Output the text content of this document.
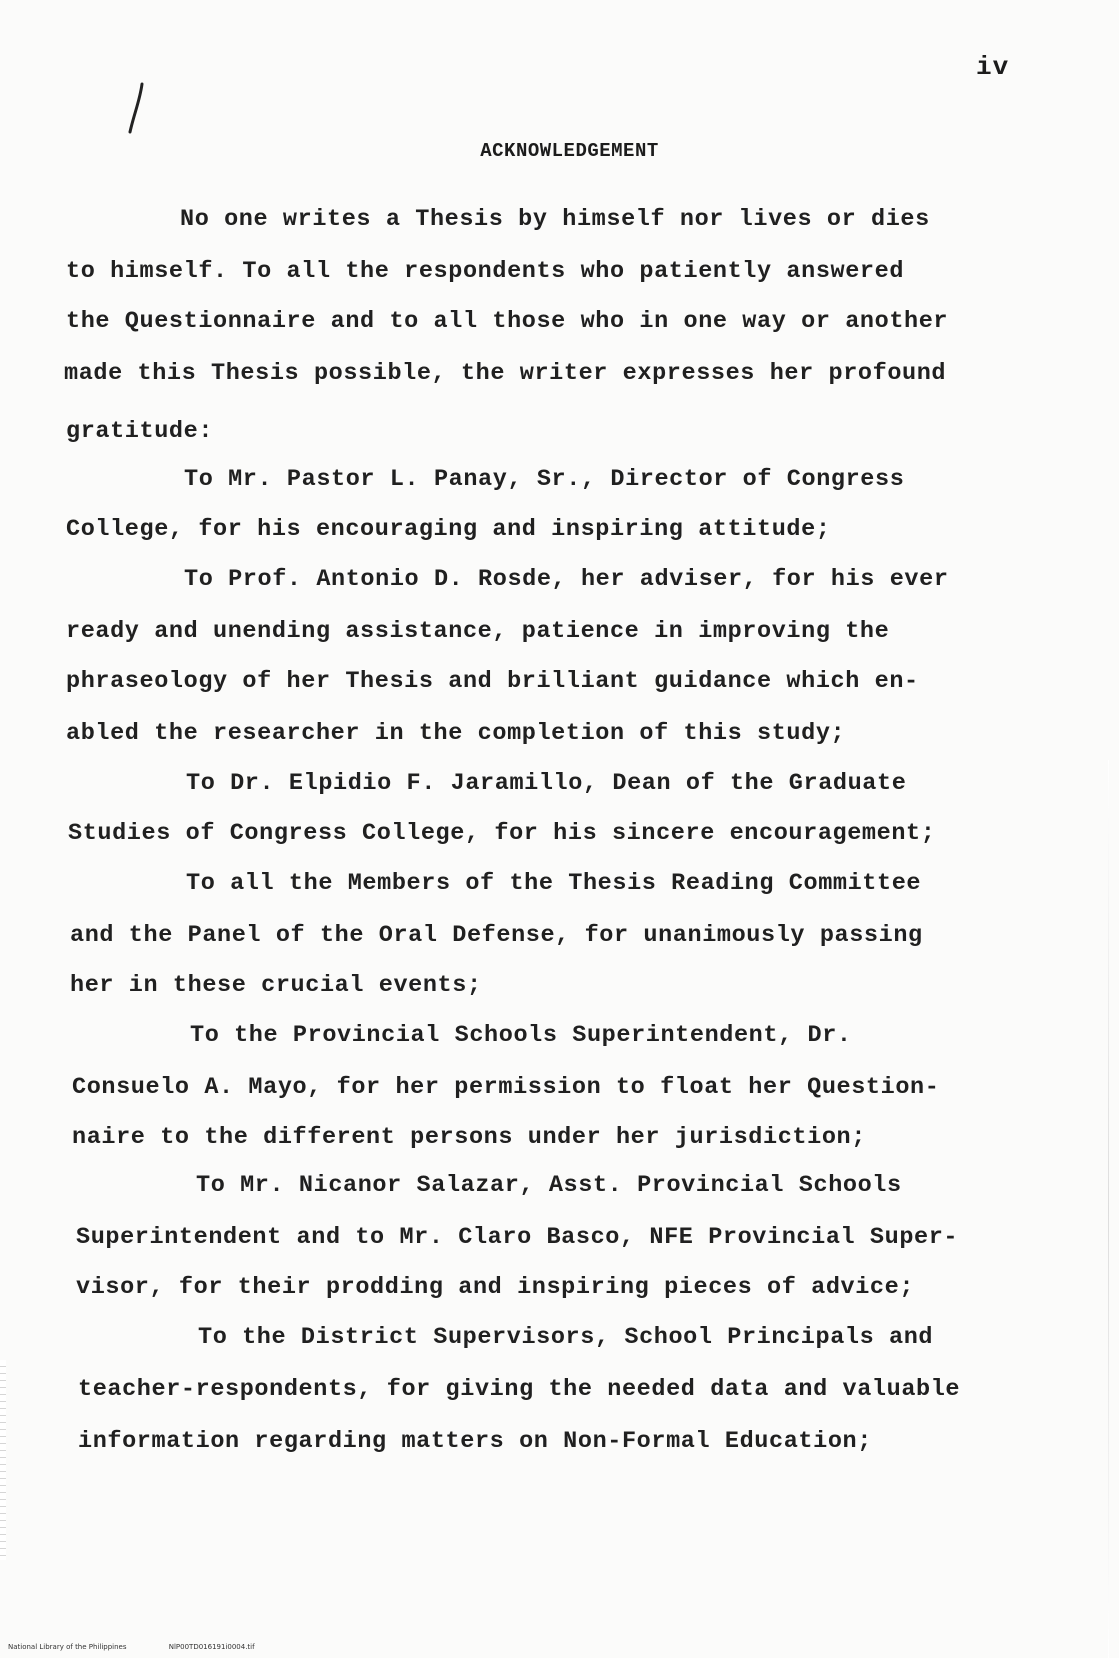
iv
ACKNOWLEDGEMENT
No one writes a Thesis by himself nor lives or dies
to himself. To all the respondents who patiently answered
the Questionnaire and to all those who in one way or another
made this Thesis possible, the writer expresses her profound
gratitude:
To Mr. Pastor L. Panay, Sr., Director of Congress
College, for his encouraging and inspiring attitude;
To Prof. Antonio D. Rosde, her adviser, for his ever
ready and unending assistance, patience in improving the
phraseology of her Thesis and brilliant guidance which en-
abled the researcher in the completion of this study;
To Dr. Elpidio F. Jaramillo, Dean of the Graduate
Studies of Congress College, for his sincere encouragement;
To all the Members of the Thesis Reading Committee
and the Panel of the Oral Defense, for unanimously passing
her in these crucial events;
To the Provincial Schools Superintendent, Dr.
Consuelo A. Mayo, for her permission to float her Question-
naire to the different persons under her jurisdiction;
To Mr. Nicanor Salazar, Asst. Provincial Schools
Superintendent and to Mr. Claro Basco, NFE Provincial Super-
visor, for their prodding and inspiring pieces of advice;
To the District Supervisors, School Principals and
teacher-respondents, for giving the needed data and valuable
information regarding matters on Non-Formal Education;
National Library of the Philippines	NlP00TD016191i0004.tif
